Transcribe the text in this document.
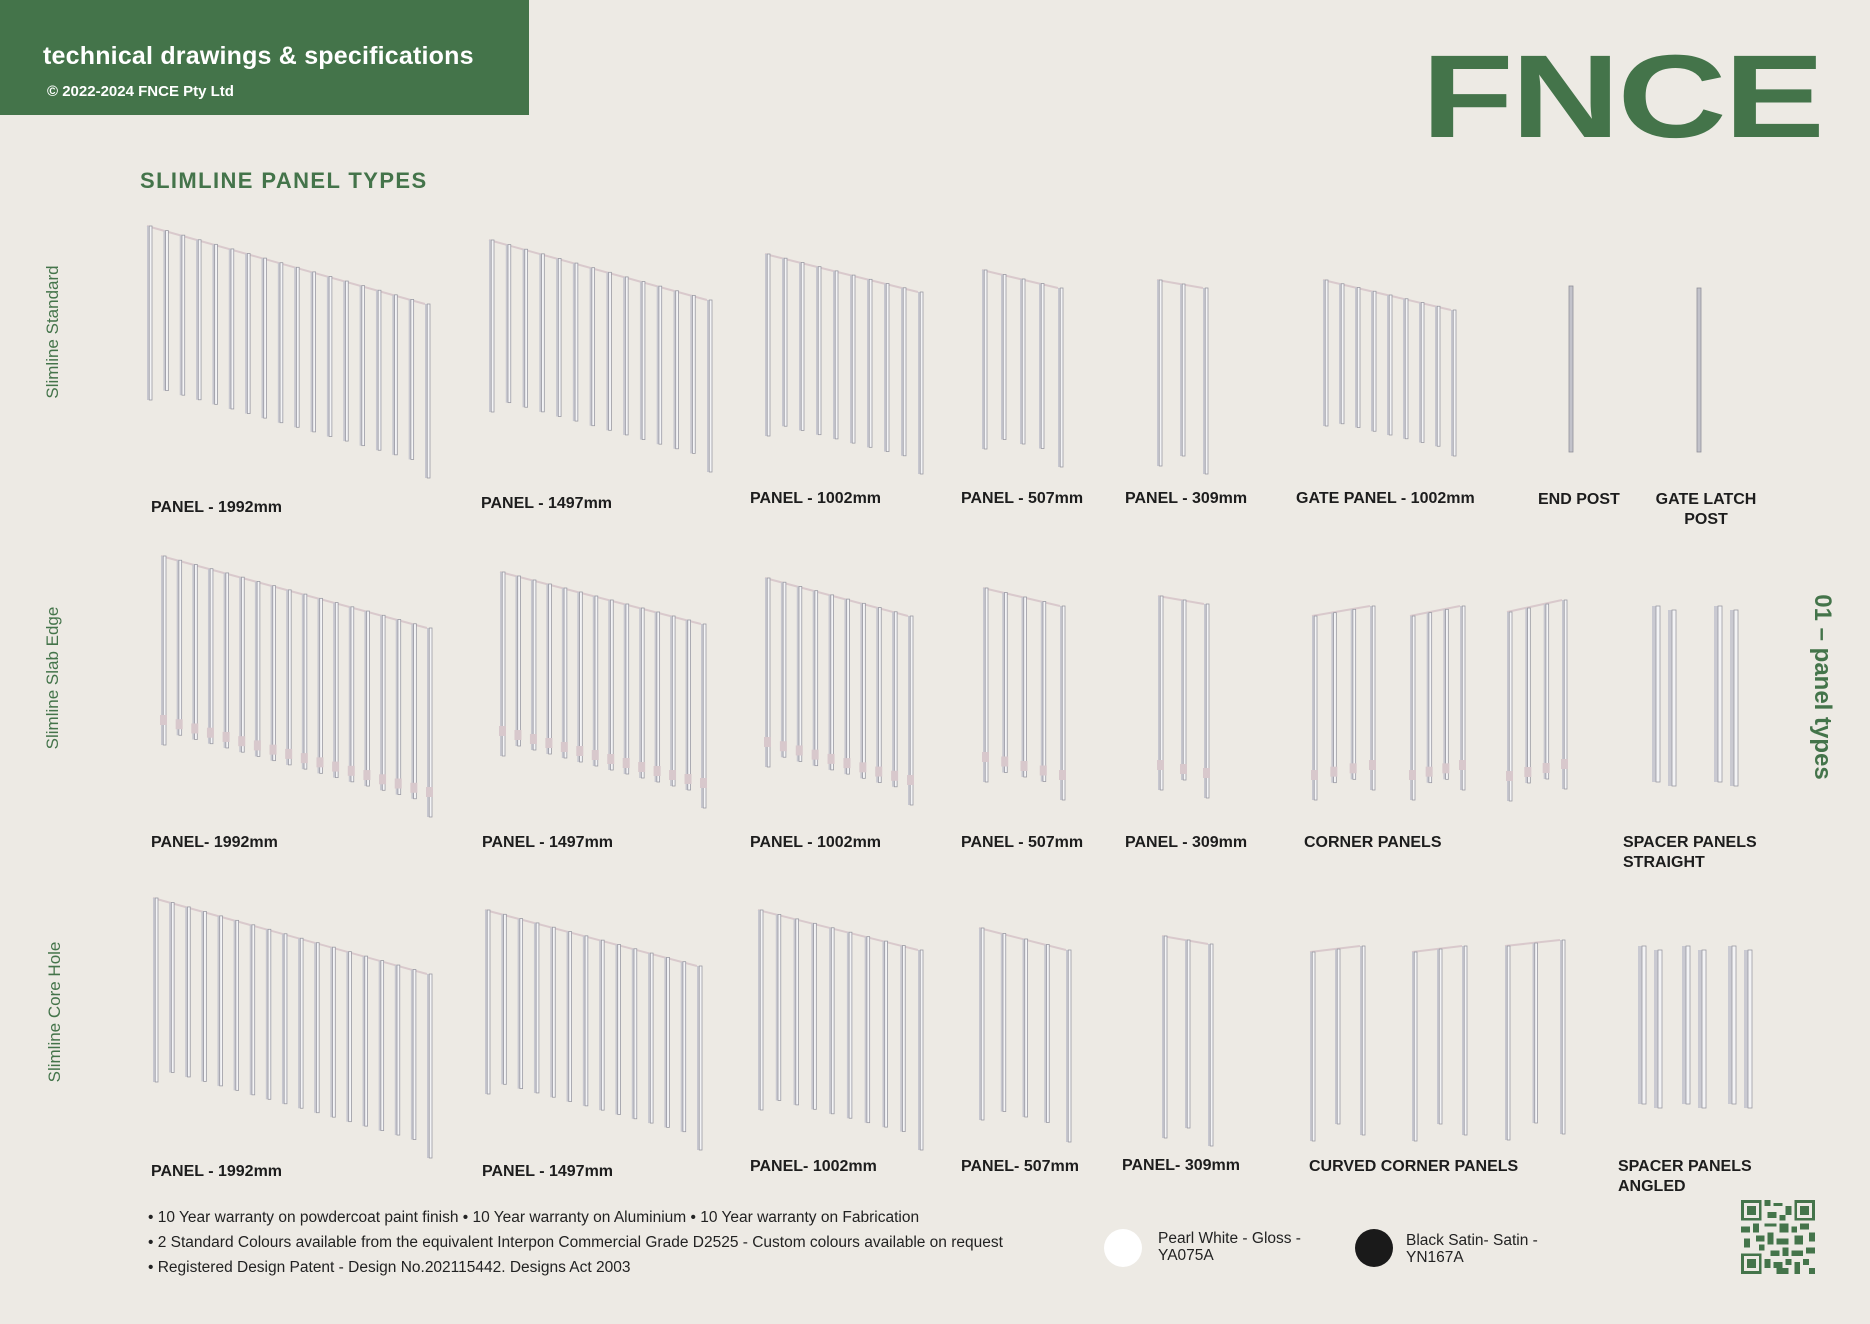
technical drawings & specifications
© 2022-2024 FNCE Pty Ltd	FNCE
SLIMLINE PANEL TYPES
Slimline Standard
Slimline Slab Edge
Slimline Core Hole
01 – panel types
PANEL - 1992mm	PANEL - 1497mm	PANEL - 1002mm	PANEL - 507mm	PANEL - 309mm	GATE PANEL - 1002mm	END POST	GATE LATCH POST
PANEL- 1992mm	PANEL - 1497mm	PANEL - 1002mm	PANEL - 507mm	PANEL - 309mm	CORNER PANELS	SPACER PANELS STRAIGHT
PANEL - 1992mm	PANEL - 1497mm	PANEL- 1002mm	PANEL- 507mm	PANEL- 309mm	CURVED CORNER PANELS	SPACER PANELS ANGLED
• 10 Year warranty on powdercoat paint finish • 10 Year warranty on Aluminium • 10 Year warranty on Fabrication
• 2 Standard Colours available from the equivalent Interpon Commercial Grade D2525 - Custom colours available on request
• Registered Design Patent - Design No.202115442. Designs Act 2003
Pearl White - Gloss -YA075A
Black Satin- Satin -YN167A
